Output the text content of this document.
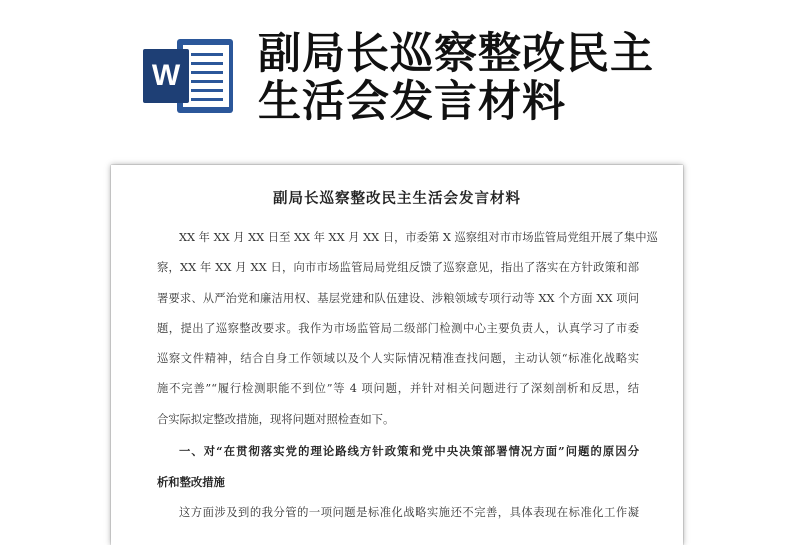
W 副局长巡察整改民主
生活会发言材料
副局长巡察整改民主生活会发言材料

XX 年 XX 月 XX 日至 XX 年 XX 月 XX 日，市委第 X 巡察组对市市场监管局党组开展了集中巡
察，XX 年 XX 月 XX 日，向市市场监管局局党组反馈了巡察意见，指出了落实在方针政策和部
署要求、从严治党和廉洁用权、基层党建和队伍建设、涉粮领域专项行动等 XX 个方面 XX 项问
题，提出了巡察整改要求。我作为市场监管局二级部门检测中心主要负责人，认真学习了市委
巡察文件精神，结合自身工作领域以及个人实际情况精准查找问题，主动认领“标准化战略实
施不完善”“履行检测职能不到位”等 4 项问题，并针对相关问题进行了深刻剖析和反思，结
合实际拟定整改措施，现将问题对照检查如下。

一、对“在贯彻落实党的理论路线方针政策和党中央决策部署情况方面”问题的原因分
析和整改措施

这方面涉及到的我分管的一项问题是标准化战略实施还不完善，具体表现在标准化工作凝
